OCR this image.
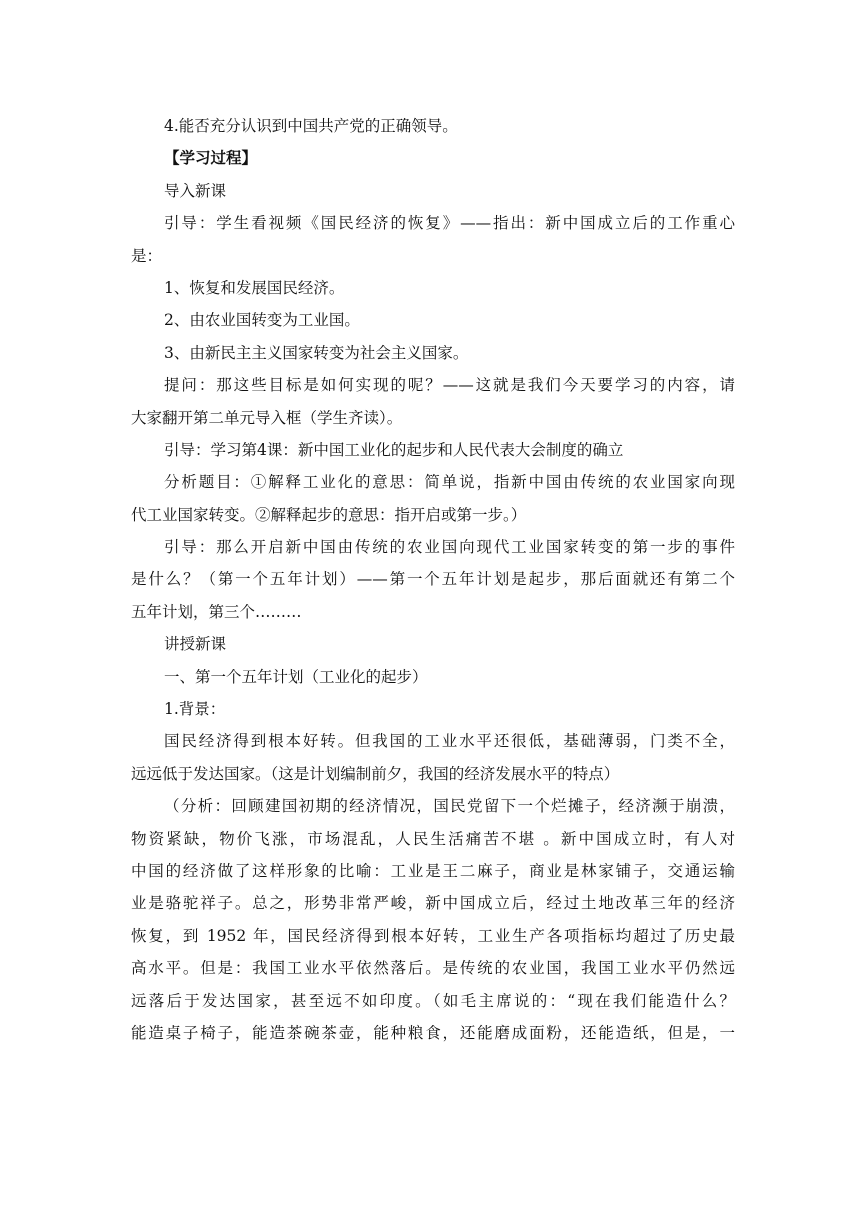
4.能否充分认识到中国共产党的正确领导。
【学习过程】
导入新课
引导：学生看视频《国民经济的恢复》——指出：新中国成立后的工作重心
是：
1、恢复和发展国民经济。
2、由农业国转变为工业国。
3、由新民主主义国家转变为社会主义国家。
提问：那这些目标是如何实现的呢？——这就是我们今天要学习的内容，请
大家翻开第二单元导入框（学生齐读）。
引导：学习第4课：新中国工业化的起步和人民代表大会制度的确立
分析题目：①解释工业化的意思：简单说，指新中国由传统的农业国家向现
代工业国家转变。②解释起步的意思：指开启或第一步。）
引导：那么开启新中国由传统的农业国向现代工业国家转变的第一步的事件
是什么？（第一个五年计划）——第一个五年计划是起步，那后面就还有第二个
五年计划，第三个………
讲授新课
一、第一个五年计划（工业化的起步）
1.背景：
国民经济得到根本好转。但我国的工业水平还很低，基础薄弱，门类不全，
远远低于发达国家。（这是计划编制前夕，我国的经济发展水平的特点）
（分析：回顾建国初期的经济情况，国民党留下一个烂摊子，经济濒于崩溃，
物资紧缺，物价飞涨，市场混乱，人民生活痛苦不堪 。新中国成立时，有人对
中国的经济做了这样形象的比喻：工业是王二麻子，商业是林家铺子，交通运输
业是骆驼祥子。总之，形势非常严峻，新中国成立后，经过土地改革三年的经济
恢复，到 1952 年，国民经济得到根本好转，工业生产各项指标均超过了历史最
高水平。但是：我国工业水平依然落后。是传统的农业国，我国工业水平仍然远
远落后于发达国家，甚至远不如印度。（如毛主席说的：“现在我们能造什么？
能造桌子椅子，能造茶碗茶壶，能种粮食，还能磨成面粉，还能造纸，但是，一
